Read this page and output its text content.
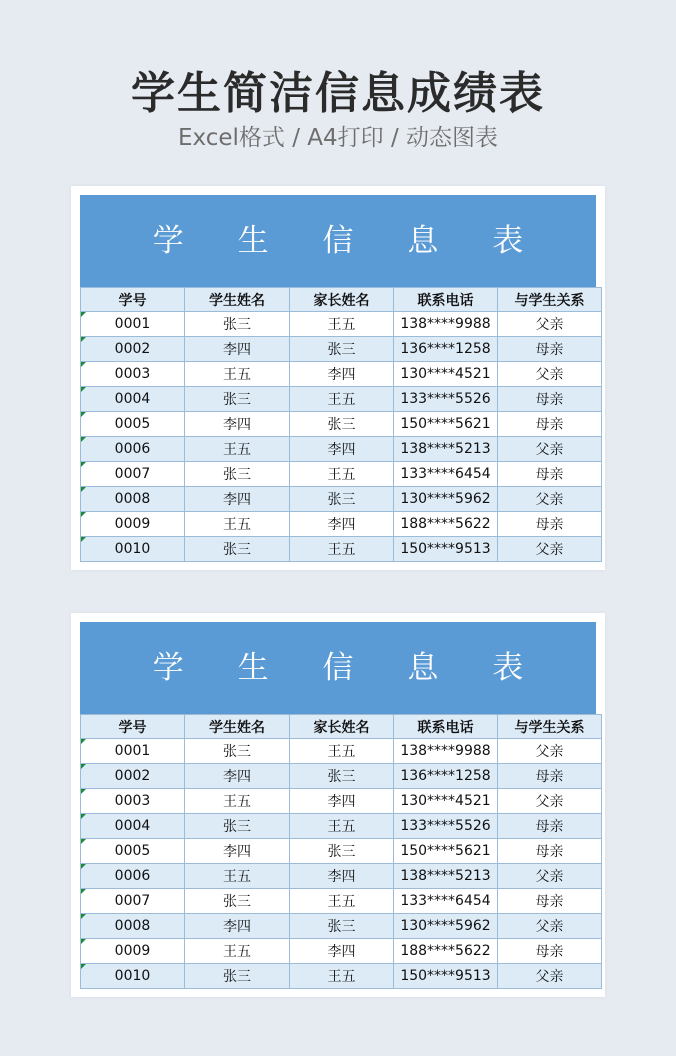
学生简洁信息成绩表
Excel格式 / A4打印 / 动态图表
学 生 信 息 表
学号	学生姓名	家长姓名	联系电话	与学生关系
0001	张三	王五	138****9988	父亲
0002	李四	张三	136****1258	母亲
0003	王五	李四	130****4521	父亲
0004	张三	王五	133****5526	母亲
0005	李四	张三	150****5621	母亲
0006	王五	李四	138****5213	父亲
0007	张三	王五	133****6454	母亲
0008	李四	张三	130****5962	父亲
0009	王五	李四	188****5622	母亲
0010	张三	王五	150****9513	父亲
学 生 信 息 表
学号	学生姓名	家长姓名	联系电话	与学生关系
0001	张三	王五	138****9988	父亲
0002	李四	张三	136****1258	母亲
0003	王五	李四	130****4521	父亲
0004	张三	王五	133****5526	母亲
0005	李四	张三	150****5621	母亲
0006	王五	李四	138****5213	父亲
0007	张三	王五	133****6454	母亲
0008	李四	张三	130****5962	父亲
0009	王五	李四	188****5622	母亲
0010	张三	王五	150****9513	父亲
